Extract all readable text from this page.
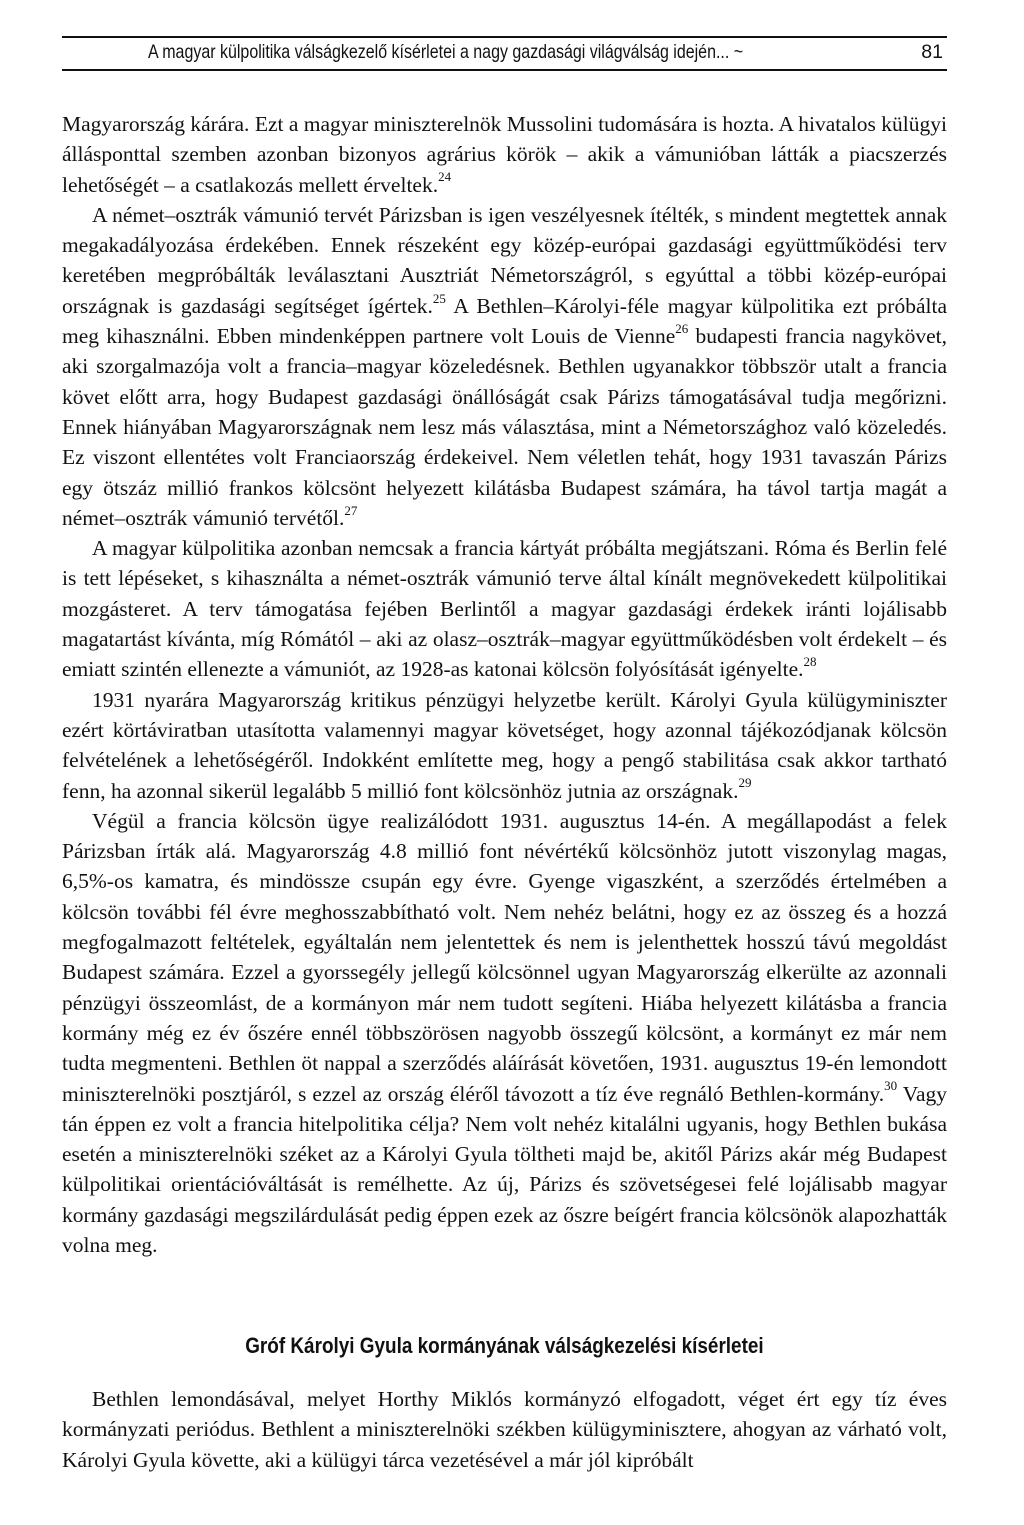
A magyar külpolitika válságkezelő kísérletei a nagy gazdasági világválság idején... ~	81

Magyarország kárára. Ezt a magyar miniszterelnök Mussolini tudomására is hozta. A hivatalos külügyi állásponttal szemben azonban bizonyos agrárius körök – akik a vámunióban látták a piacszerzés lehetőségét – a csatlakozás mellett érveltek.$^{24}$

A német–osztrák vámunió tervét Párizsban is igen veszélyesnek ítélték, s mindent megtettek annak megakadályozása érdekében. Ennek részeként egy közép-európai gazdasági együttműködési terv keretében megpróbálták leválasztani Ausztriát Németországról, s egyúttal a többi közép-európai országnak is gazdasági segítséget ígértek.$^{25}$ A Bethlen–Károlyi-féle magyar külpolitika ezt próbálta meg kihasználni. Ebben mindenképpen partnere volt Louis de Vienne$^{26}$ budapesti francia nagykövet, aki szorgalmazója volt a francia–magyar közeledésnek. Bethlen ugyanakkor többször utalt a francia követ előtt arra, hogy Budapest gazdasági önállóságát csak Párizs támogatásával tudja megőrizni. Ennek hiányában Magyarországnak nem lesz más választása, mint a Németországhoz való közeledés. Ez viszont ellentétes volt Franciaország érdekeivel. Nem véletlen tehát, hogy 1931 tavaszán Párizs egy ötszáz millió frankos kölcsönt helyezett kilátásba Budapest számára, ha távol tartja magát a német–osztrák vámunió tervétől.$^{27}$

A magyar külpolitika azonban nemcsak a francia kártyát próbálta megjátszani. Róma és Berlin felé is tett lépéseket, s kihasználta a német-osztrák vámunió terve által kínált megnövekedett külpolitikai mozgásteret. A terv támogatása fejében Berlintől a magyar gazdasági érdekek iránti lojálisabb magatartást kívánta, míg Rómától – aki az olasz–osztrák–magyar együttműködésben volt érdekelt – és emiatt szintén ellenezte a vámuniót, az 1928-as katonai kölcsön folyósítását igényelte.$^{28}$

1931 nyarára Magyarország kritikus pénzügyi helyzetbe került. Károlyi Gyula külügyminiszter ezért körtáviratban utasította valamennyi magyar követséget, hogy azonnal tájékozódjanak kölcsön felvételének a lehetőségéről. Indokként említette meg, hogy a pengő stabilitása csak akkor tartható fenn, ha azonnal sikerül legalább 5 millió font kölcsönhöz jutnia az országnak.$^{29}$

Végül a francia kölcsön ügye realizálódott 1931. augusztus 14-én. A megállapodást a felek Párizsban írták alá. Magyarország 4.8 millió font névértékű kölcsönhöz jutott viszonylag magas, 6,5%-os kamatra, és mindössze csupán egy évre. Gyenge vigaszként, a szerződés értelmében a kölcsön további fél évre meghosszabbítható volt. Nem nehéz belátni, hogy ez az összeg és a hozzá megfogalmazott feltételek, egyáltalán nem jelentettek és nem is jelenthettek hosszú távú megoldást Budapest számára. Ezzel a gyorssegély jellegű kölcsönnel ugyan Magyarország elkerülte az azonnali pénzügyi összeomlást, de a kormányon már nem tudott segíteni. Hiába helyezett kilátásba a francia kormány még ez év őszére ennél többszörösen nagyobb összegű kölcsönt, a kormányt ez már nem tudta megmenteni. Bethlen öt nappal a szerződés aláírását követően, 1931. augusztus 19-én lemondott miniszterelnöki posztjáról, s ezzel az ország éléről távozott a tíz éve regnáló Bethlen-kormány.$^{30}$ Vagy tán éppen ez volt a francia hitelpolitika célja? Nem volt nehéz kitalálni ugyanis, hogy Bethlen bukása esetén a miniszterelnöki széket az a Károlyi Gyula töltheti majd be, akitől Párizs akár még Budapest külpolitikai orientációváltását is remélhette. Az új, Párizs és szövetségesei felé lojálisabb magyar kormány gazdasági megszilárdulását pedig éppen ezek az őszre beígért francia kölcsönök alapozhatták volna meg.

Gróf Károlyi Gyula kormányának válságkezelési kísérletei

Bethlen lemondásával, melyet Horthy Miklós kormányzó elfogadott, véget ért egy tíz éves kormányzati periódus. Bethlent a miniszterelnöki székben külügyminisztere, ahogyan az várható volt, Károlyi Gyula követte, aki a külügyi tárca vezetésével a már jól kipróbált
